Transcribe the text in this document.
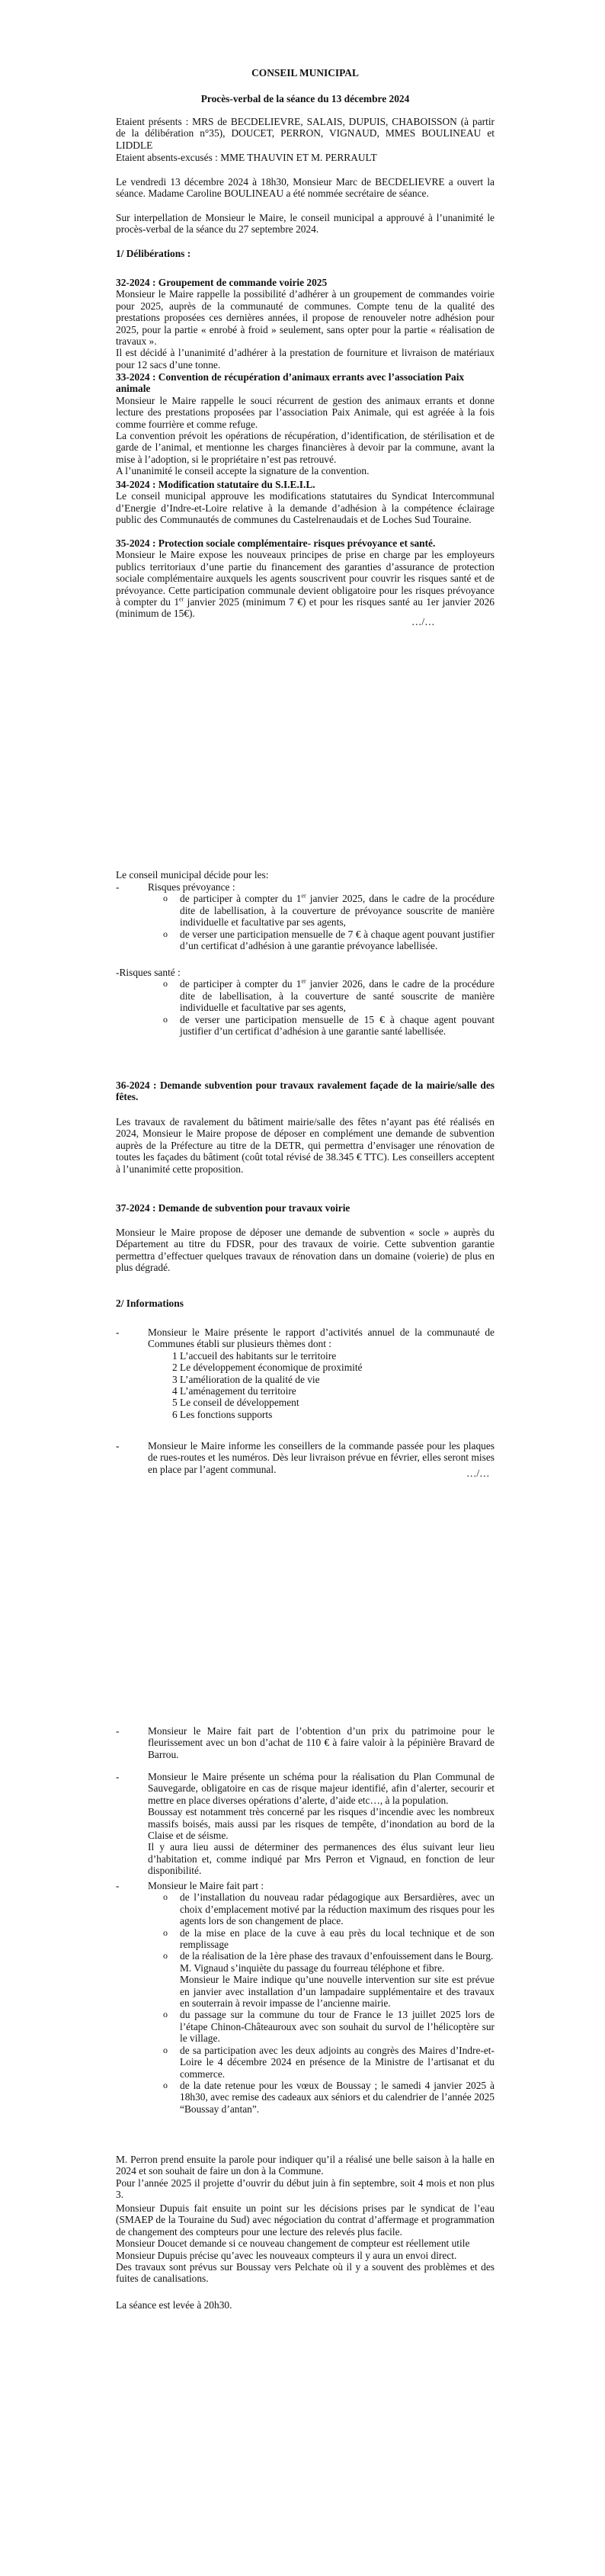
CONSEIL MUNICIPAL

Procès-verbal de la séance du 13 décembre 2024

Etaient présents : MRS de BECDELIEVRE, SALAIS, DUPUIS, CHABOISSON (à partir de la délibération n°35), DOUCET, PERRON, VIGNAUD, MMES BOULINEAU et LIDDLE

Etaient absents-excusés : MME THAUVIN ET M. PERRAULT

Le vendredi 13 décembre 2024 à 18h30, Monsieur Marc de BECDELIEVRE a ouvert la séance. Madame Caroline BOULINEAU a été nommée secrétaire de séance.

Sur interpellation de Monsieur le Maire, le conseil municipal a approuvé à l’unanimité le procès-verbal de la séance du 27 septembre 2024.

1/ Délibérations :

32-2024 : Groupement de commande voirie 2025

Monsieur le Maire rappelle la possibilité d’adhérer à un groupement de commandes voirie pour 2025, auprès de la communauté de communes. Compte tenu de la qualité des prestations proposées ces dernières années, il propose de renouveler notre adhésion pour 2025, pour la partie « enrobé à froid » seulement, sans opter pour la partie « réalisation de travaux ».

Il est décidé à l’unanimité d’adhérer à la prestation de fourniture et livraison de matériaux pour 12 sacs d’une tonne.

33-2024 : Convention de récupération d’animaux errants avec l’association Paix animale

Monsieur le Maire rappelle le souci récurrent de gestion des animaux errants et donne lecture des prestations proposées par l’association Paix Animale, qui est agréée à la fois comme fourrière et comme refuge.

La convention prévoit les opérations de récupération, d’identification, de stérilisation et de garde de l’animal, et mentionne les charges financières à devoir par la commune, avant la mise à l’adoption, si le propriétaire n’est pas retrouvé.

A l’unanimité le conseil accepte la signature de la convention.

34-2024 : Modification statutaire du S.I.E.I.L.

Le conseil municipal approuve les modifications statutaires du Syndicat Intercommunal d’Energie d’Indre-et-Loire relative à la demande d’adhésion à la compétence éclairage public des Communautés de communes du Castelrenaudais et de Loches Sud Touraine.

35-2024 : Protection sociale complémentaire- risques prévoyance et santé.

Monsieur le Maire expose les nouveaux principes de prise en charge par les employeurs publics territoriaux d’une partie du financement des garanties d’assurance de protection sociale complémentaire auxquels les agents souscrivent pour couvrir les risques santé et de prévoyance. Cette participation communale devient obligatoire pour les risques prévoyance à compter du 1er janvier 2025 (minimum 7 €) et pour les risques santé au 1er janvier 2026 (minimum de 15€).

…/…

Le conseil municipal décide pour les:

- Risques prévoyance :
o de participer à compter du 1er janvier 2025, dans le cadre de la procédure dite de labellisation, à la couverture de prévoyance souscrite de manière individuelle et facultative par ses agents,
o de verser une participation mensuelle de 7 € à chaque agent pouvant justifier d’un certificat d’adhésion à une garantie prévoyance labellisée.

-Risques santé :

o de participer à compter du 1er janvier 2026, dans le cadre de la procédure dite de labellisation, à la couverture de santé souscrite de manière individuelle et facultative par ses agents,
o de verser une participation mensuelle de 15 € à chaque agent pouvant justifier d’un certificat d’adhésion à une garantie santé labellisée.

36-2024 : Demande subvention pour travaux ravalement façade de la mairie/salle des fêtes.

Les travaux de ravalement du bâtiment mairie/salle des fêtes n’ayant pas été réalisés en 2024, Monsieur le Maire propose de déposer en complément une demande de subvention auprès de la Préfecture au titre de la DETR, qui permettra d’envisager une rénovation de toutes les façades du bâtiment (coût total révisé de 38.345 € TTC). Les conseillers acceptent à l’unanimité cette proposition.

37-2024 : Demande de subvention pour travaux voirie

Monsieur le Maire propose de déposer une demande de subvention « socle » auprès du Département au titre du FDSR, pour des travaux de voirie. Cette subvention garantie permettra d’effectuer quelques travaux de rénovation dans un domaine (voierie) de plus en plus dégradé.

2/ Informations

- Monsieur le Maire présente le rapport d’activités annuel de la communauté de Communes établi sur plusieurs thèmes dont :
1 L’accueil des habitants sur le territoire
2 Le développement économique de proximité
3 L’amélioration de la qualité de vie
4 L’aménagement du territoire
5 Le conseil de développement
6 Les fonctions supports
- Monsieur le Maire informe les conseillers de la commande passée pour les plaques de rues-routes et les numéros. Dès leur livraison prévue en février, elles seront mises en place par l’agent communal.	…/…

- Monsieur le Maire fait part de l’obtention d’un prix du patrimoine pour le fleurissement avec un bon d’achat de 110 € à faire valoir à la pépinière Bravard de Barrou.
- Monsieur le Maire présente un schéma pour la réalisation du Plan Communal de Sauvegarde, obligatoire en cas de risque majeur identifié, afin d’alerter, secourir et mettre en place diverses opérations d’alerte, d’aide etc…, à la population.
Boussay est notamment très concerné par les risques d’incendie avec les nombreux massifs boisés, mais aussi par les risques de tempête, d’inondation au bord de la Claise et de séisme.
Il y aura lieu aussi de déterminer des permanences des élus suivant leur lieu d’habitation et, comme indiqué par Mrs Perron et Vignaud, en fonction de leur disponibilité.
- Monsieur le Maire fait part :
o de l’installation du nouveau radar pédagogique aux Bersardières, avec un choix d’emplacement motivé par la réduction maximum des risques pour les agents lors de son changement de place.
o de la mise en place de la cuve à eau près du local technique et de son remplissage
o de la réalisation de la 1ère phase des travaux d’enfouissement dans le Bourg.

M. Vignaud s’inquiète du passage du fourreau téléphone et fibre.

Monsieur le Maire indique qu’une nouvelle intervention sur site est prévue en janvier avec installation d’un lampadaire supplémentaire et des travaux en souterrain à revoir impasse de l’ancienne mairie.

o du passage sur la commune du tour de France le 13 juillet 2025 lors de l’étape Chinon-Châteauroux avec son souhait du survol de l’hélicoptère sur le village.
o de sa participation avec les deux adjoints au congrès des Maires d’Indre-et-Loire le 4 décembre 2024 en présence de la Ministre de l’artisanat et du commerce.
o de la date retenue pour les vœux de Boussay ; le samedi 4 janvier 2025 à 18h30, avec remise des cadeaux aux séniors et du calendrier de l’année 2025 “Boussay d’antan”.

M. Perron prend ensuite la parole pour indiquer qu’il a réalisé une belle saison à la halle en 2024 et son souhait de faire un don à la Commune.

Pour l’année 2025 il projette d’ouvrir du début juin à fin septembre, soit 4 mois et non plus 3.

Monsieur Dupuis fait ensuite un point sur les décisions prises par le syndicat de l’eau (SMAEP de la Touraine du Sud) avec négociation du contrat d’affermage et programmation de changement des compteurs pour une lecture des relevés plus facile.

Monsieur Doucet demande si ce nouveau changement de compteur est réellement utile

Monsieur Dupuis précise qu’avec les nouveaux compteurs il y aura un envoi direct.

Des travaux sont prévus sur Boussay vers Pelchate où il y a souvent des problèmes et des fuites de canalisations.

La séance est levée à 20h30.
